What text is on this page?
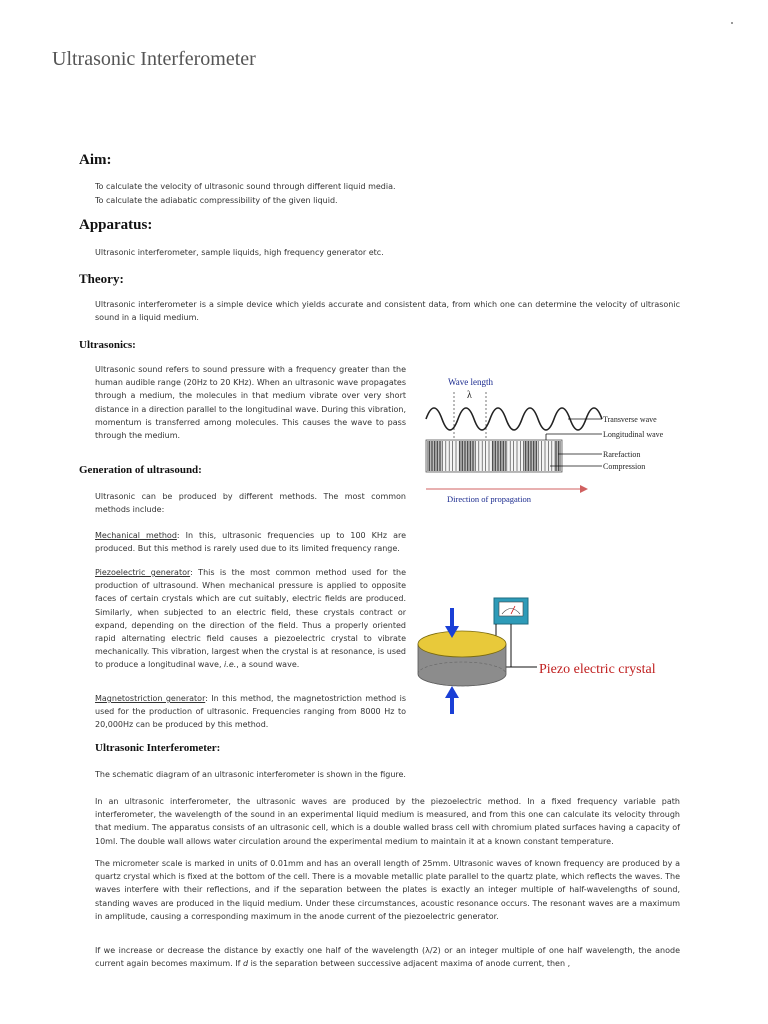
Ultrasonic Interferometer
Aim:
To calculate the velocity of ultrasonic sound through different liquid media.
To calculate the adiabatic compressibility of the given liquid.
Apparatus:
Ultrasonic interferometer, sample liquids, high frequency generator etc.
Theory:
Ultrasonic interferometer is a simple device which yields accurate and consistent data, from which one can determine the velocity of ultrasonic sound in a liquid medium.
Ultrasonics:
Ultrasonic sound refers to sound pressure with a frequency greater than the human audible range (20Hz to 20 KHz). When an ultrasonic wave propagates through a medium, the molecules in that medium vibrate over very short distance in a direction parallel to the longitudinal wave. During this vibration, momentum is transferred among molecules. This causes the wave to pass through the medium.
Wave length
λ
Transverse wave
Longitudinal wave
Rarefaction
Compression
Direction of propagation
Generation of ultrasound:
Ultrasonic can be produced by different methods. The most common methods include:
Mechanical method: In this, ultrasonic frequencies up to 100 KHz are produced. But this method is rarely used due to its limited frequency range.
Piezoelectric generator: This is the most common method used for the production of ultrasound. When mechanical pressure is applied to opposite faces of certain crystals which are cut suitably, electric fields are produced. Similarly, when subjected to an electric field, these crystals contract or expand, depending on the direction of the field. Thus a properly oriented rapid alternating electric field causes a piezoelectric crystal to vibrate mechanically. This vibration, largest when the crystal is at resonance, is used to produce a longitudinal wave, i.e., a sound wave.
Magnetostriction generator: In this method, the magnetostriction method is used for the production of ultrasonic. Frequencies ranging from 8000 Hz to 20,000Hz can be produced by this method.
Piezo electric crystal
Ultrasonic Interferometer:
The schematic diagram of an ultrasonic interferometer is shown in the figure.
In an ultrasonic interferometer, the ultrasonic waves are produced by the piezoelectric method. In a fixed frequency variable path interferometer, the wavelength of the sound in an experimental liquid medium is measured, and from this one can calculate its velocity through that medium. The apparatus consists of an ultrasonic cell, which is a double walled brass cell with chromium plated surfaces having a capacity of 10ml. The double wall allows water circulation around the experimental medium to maintain it at a known constant temperature.
The micrometer scale is marked in units of 0.01mm and has an overall length of 25mm. Ultrasonic waves of known frequency are produced by a quartz crystal which is fixed at the bottom of the cell. There is a movable metallic plate parallel to the quartz plate, which reflects the waves. The waves interfere with their reflections, and if the separation between the plates is exactly an integer multiple of half-wavelengths of sound, standing waves are produced in the liquid medium. Under these circumstances, acoustic resonance occurs. The resonant waves are a maximum in amplitude, causing a corresponding maximum in the anode current of the piezoelectric generator.
If we increase or decrease the distance by exactly one half of the wavelength (λ/2) or an integer multiple of one half wavelength, the anode current again becomes maximum. If d is the separation between successive adjacent maxima of anode current, then ,
